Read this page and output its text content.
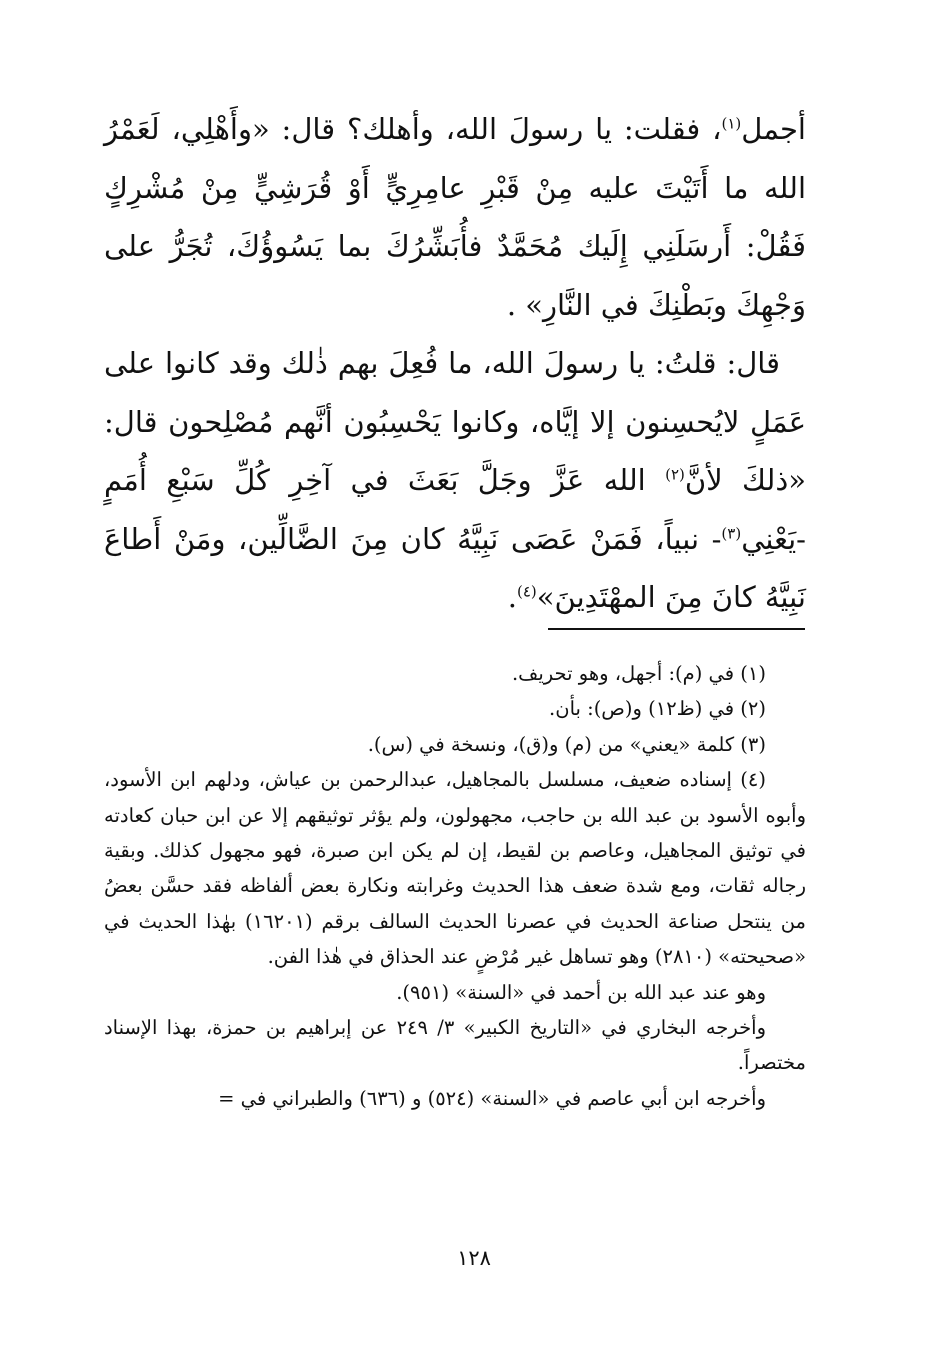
أجمل$^{(١)}$، فقلت: يا رسولَ الله، وأهلك؟ قال: «وأَهْلِي، لَعَمْرُ الله ما أَتَيْتَ عليه مِنْ قَبْرِ عامِرِيٍّ أَوْ قُرَشِيٍّ مِنْ مُشْرِكٍ فَقُلْ: أَرسَلَنِي إِلَيك مُحَمَّدٌ فأُبَشِّرُكَ بما يَسُوؤُكَ، تُجَرُّ على وَجْهِكَ وبَطْنِكَ في النَّارِ» .

قال: قلتُ: يا رسولَ الله، ما فُعِلَ بهم ذٰلك وقد كانوا على عَمَلٍ لايُحسِنون إلا إيَّاه، وكانوا يَحْسِبُون أنَّهم مُصْلِحون قال: «ذلكَ لأنَّ$^{(٢)}$ الله عَزَّ وجَلَّ بَعَثَ في آخِرِ كُلِّ سَبْعِ أُمَمٍ -يَعْنِي$^{(٣)}$- نبياً، فَمَنْ عَصَى نَبِيَّهُ كان مِنَ الضَّالِّين، ومَنْ أَطاعَ نَبِيَّهُ كانَ مِنَ المهْتَدِينَ»$^{(٤)}$.

(١) في (م): أجهل، وهو تحريف.

(٢) في (ظ١٢) و(ص): بأن.

(٣) كلمة «يعني» من (م) و(ق)، ونسخة في (س).

(٤) إسناده ضعيف، مسلسل بالمجاهيل، عبدالرحمن بن عياش، ودلهم ابن الأسود، وأبوه الأسود بن عبد الله بن حاجب، مجهولون، ولم يؤثر توثيقهم إلا عن ابن حبان كعادته في توثيق المجاهيل، وعاصم بن لقيط، إن لم يكن ابن صبرة، فهو مجهول كذلك. وبقية رجاله ثقات، ومع شدة ضعف هذا الحديث وغرابته ونكارة بعض ألفاظه فقد حسَّن بعضُ من ينتحل صناعة الحديث في عصرنا الحديث السالف برقم (١٦٢٠١) بهٰذا الحديث في «صحيحته» (٢٨١٠) وهو تساهل غير مُرْضٍ عند الحذاق في هٰذا الفن.

وهو عند عبد الله بن أحمد في «السنة» (٩٥١).

وأخرجه البخاري في «التاريخ الكبير» ٣/ ٢٤٩ عن إبراهيم بن حمزة، بهذا الإسناد مختصراً.

وأخرجه ابن أبي عاصم في «السنة» (٥٢٤) و (٦٣٦) والطبراني في =

١٢٨
